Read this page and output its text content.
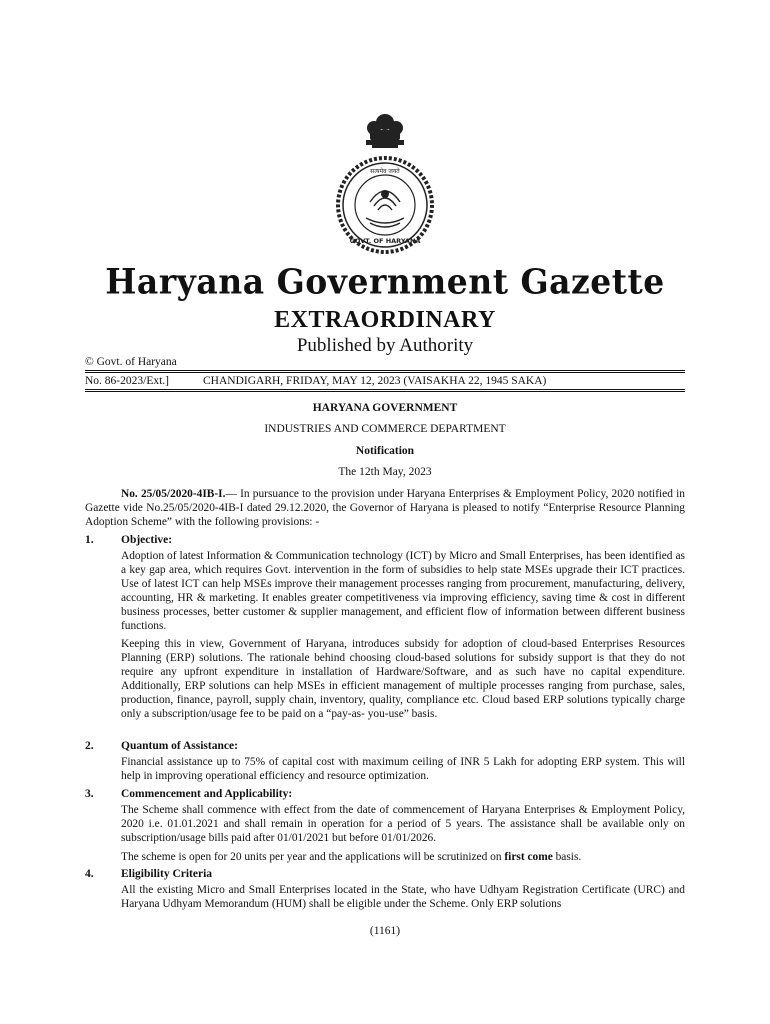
सत्यमेव जयते
GOVT. OF HARYANA
Haryana Government Gazette
EXTRAORDINARY
Published by Authority
© Govt. of Haryana
No. 86-2023/Ext.]	CHANDIGARH, FRIDAY, MAY 12, 2023 (VAISAKHA 22, 1945 SAKA)
HARYANA GOVERNMENT
INDUSTRIES AND COMMERCE DEPARTMENT
Notification
The 12th May, 2023
No. 25/05/2020-4IB-I.— In pursuance to the provision under Haryana Enterprises & Employment Policy, 2020 notified in Gazette vide No.25/05/2020-4IB-I dated 29.12.2020, the Governor of Haryana is pleased to notify “Enterprise Resource Planning Adoption Scheme” with the following provisions: -
1. Objective:
Adoption of latest Information & Communication technology (ICT) by Micro and Small Enterprises, has been identified as a key gap area, which requires Govt. intervention in the form of subsidies to help state MSEs upgrade their ICT practices. Use of latest ICT can help MSEs improve their management processes ranging from procurement, manufacturing, delivery, accounting, HR & marketing. It enables greater competitiveness via improving efficiency, saving time & cost in different business processes, better customer & supplier management, and efficient flow of information between different business functions.
Keeping this in view, Government of Haryana, introduces subsidy for adoption of cloud-based Enterprises Resources Planning (ERP) solutions. The rationale behind choosing cloud-based solutions for subsidy support is that they do not require any upfront expenditure in installation of Hardware/Software, and as such have no capital expenditure. Additionally, ERP solutions can help MSEs in efficient management of multiple processes ranging from purchase, sales, production, finance, payroll, supply chain, inventory, quality, compliance etc. Cloud based ERP solutions typically charge only a subscription/usage fee to be paid on a “pay-as- you-use” basis.
2. Quantum of Assistance:
Financial assistance up to 75% of capital cost with maximum ceiling of INR 5 Lakh for adopting ERP system. This will help in improving operational efficiency and resource optimization.
3. Commencement and Applicability:
The Scheme shall commence with effect from the date of commencement of Haryana Enterprises & Employment Policy, 2020 i.e. 01.01.2021 and shall remain in operation for a period of 5 years. The assistance shall be available only on subscription/usage bills paid after 01/01/2021 but before 01/01/2026.
The scheme is open for 20 units per year and the applications will be scrutinized on first come basis.
4. Eligibility Criteria
All the existing Micro and Small Enterprises located in the State, who have Udhyam Registration Certificate (URC) and Haryana Udhyam Memorandum (HUM) shall be eligible under the Scheme. Only ERP solutions
(1161)
